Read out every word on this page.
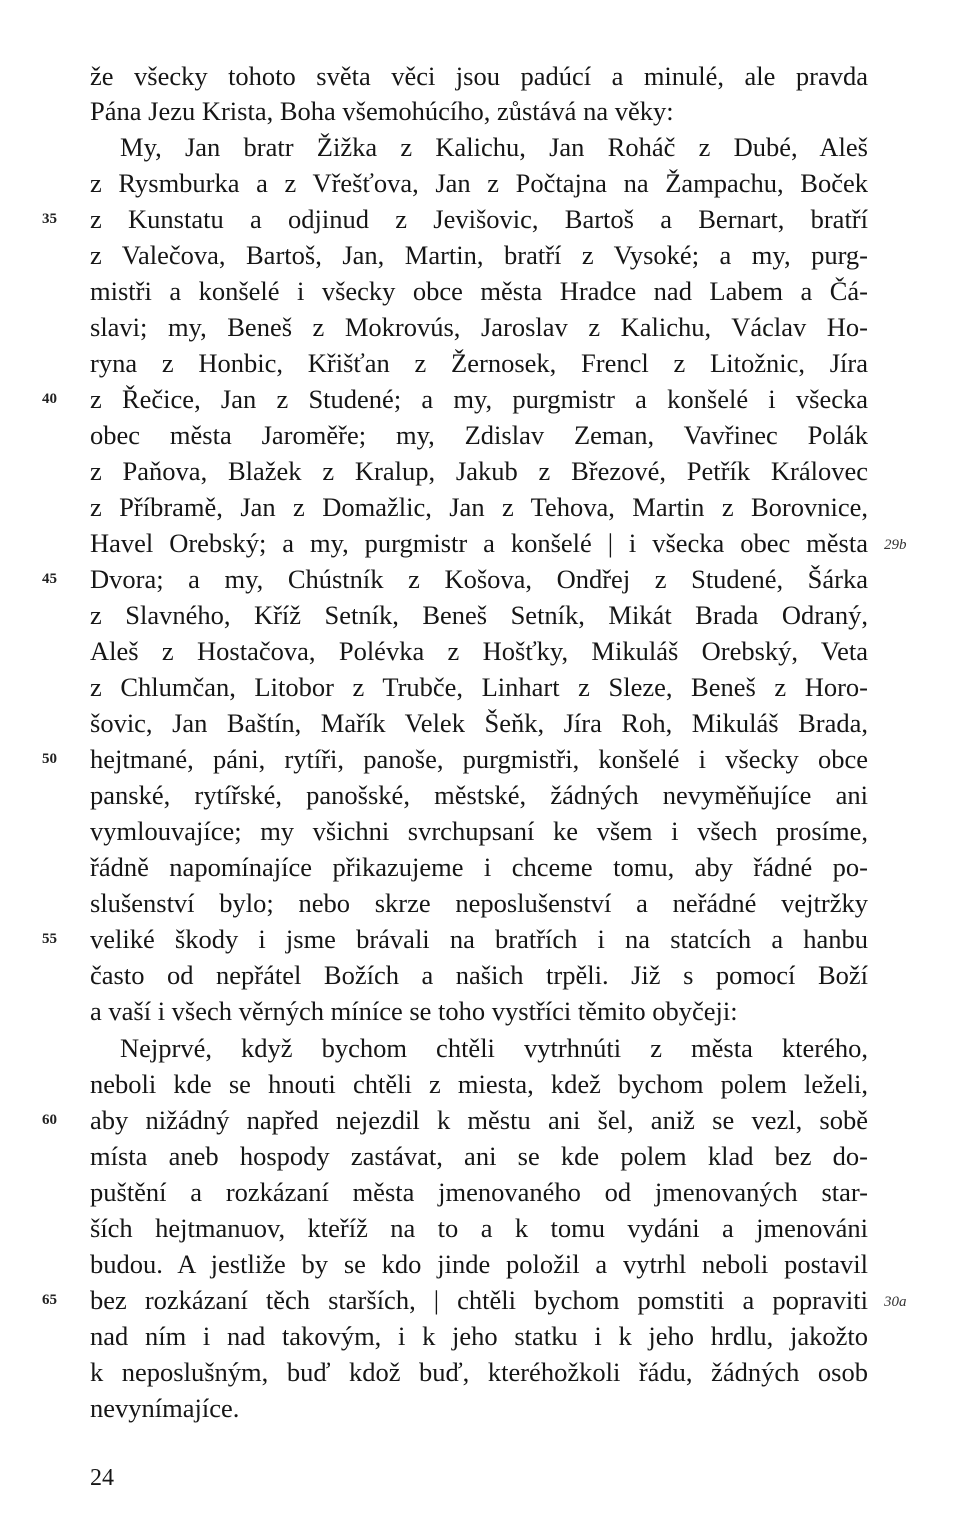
že všecky tohoto světa věci jsou padúcí a minulé, ale pravda
Pána Jezu Krista, Boha všemohúcího, zůstává na věky:
My, Jan bratr Žižka z Kalichu, Jan Roháč z Dubé, Aleš
z Rysmburka a z Vřešťova, Jan z Počtajna na Žampachu, Boček
z Kunstatu a odjinud z Jevišovic, Bartoš a Bernart, bratří
z Valečova, Bartoš, Jan, Martin, bratří z Vysoké; a my, purg-
mistři a konšelé i všecky obce města Hradce nad Labem a Čá-
slavi; my, Beneš z Mokrovús, Jaroslav z Kalichu, Václav Ho-
ryna z Honbic, Křišťan z Žernosek, Frencl z Litožnic, Jíra
z Řečice, Jan z Studené; a my, purgmistr a konšelé i všecka
obec města Jaroměře; my, Zdislav Zeman, Vavřinec Polák
z Paňova, Blažek z Kralup, Jakub z Březové, Petřík Královec
z Příbramě, Jan z Domažlic, Jan z Tehova, Martin z Borovnice,
Havel Orebský; a my, purgmistr a konšelé | i všecka obec města
Dvora; a my, Chústník z Košova, Ondřej z Studené, Šárka
z Slavného, Kříž Setník, Beneš Setník, Mikát Brada Odraný,
Aleš z Hostačova, Polévka z Hošťky, Mikuláš Orebský, Veta
z Chlumčan, Litobor z Trubče, Linhart z Sleze, Beneš z Horo-
šovic, Jan Baštín, Mařík Velek Šeňk, Jíra Roh, Mikuláš Brada,
hejtmané, páni, rytíři, panoše, purgmistři, konšelé i všecky obce
panské, rytířské, panošské, městské, žádných nevyměňujíce ani
vymlouvajíce; my všichni svrchupsaní ke všem i všech prosíme,
řádně napomínajíce přikazujeme i chceme tomu, aby řádné po-
slušenství bylo; nebo skrze neposlušenství a neřádné vejtržky
veliké škody i jsme brávali na bratřích i na statcích a hanbu
často od nepřátel Božích a našich trpěli. Již s pomocí Boží
a vaší i všech věrných míníce se toho vystříci těmito obyčeji:
Nejprvé, když bychom chtěli vytrhnúti z města kterého,
neboli kde se hnouti chtěli z miesta, kdež bychom polem leželi,
aby nižádný napřed nejezdil k městu ani šel, aniž se vezl, sobě
místa aneb hospody zastávat, ani se kde polem klad bez do-
puštění a rozkázaní města jmenovaného od jmenovaných star-
ších hejtmanuov, kteříž na to a k tomu vydáni a jmenováni
budou. A jestliže by se kdo jinde položil a vytrhl neboli postavil
bez rozkázaní těch starších, | chtěli bychom pomstiti a popraviti
nad ním i nad takovým, i k jeho statku i k jeho hrdlu, jakožto
k neposlušným, buď kdož buď, kteréhožkoli řádu, žádných osob
nevynímajíce.
35
40
45
50
55
60
65
29b
30a
24
